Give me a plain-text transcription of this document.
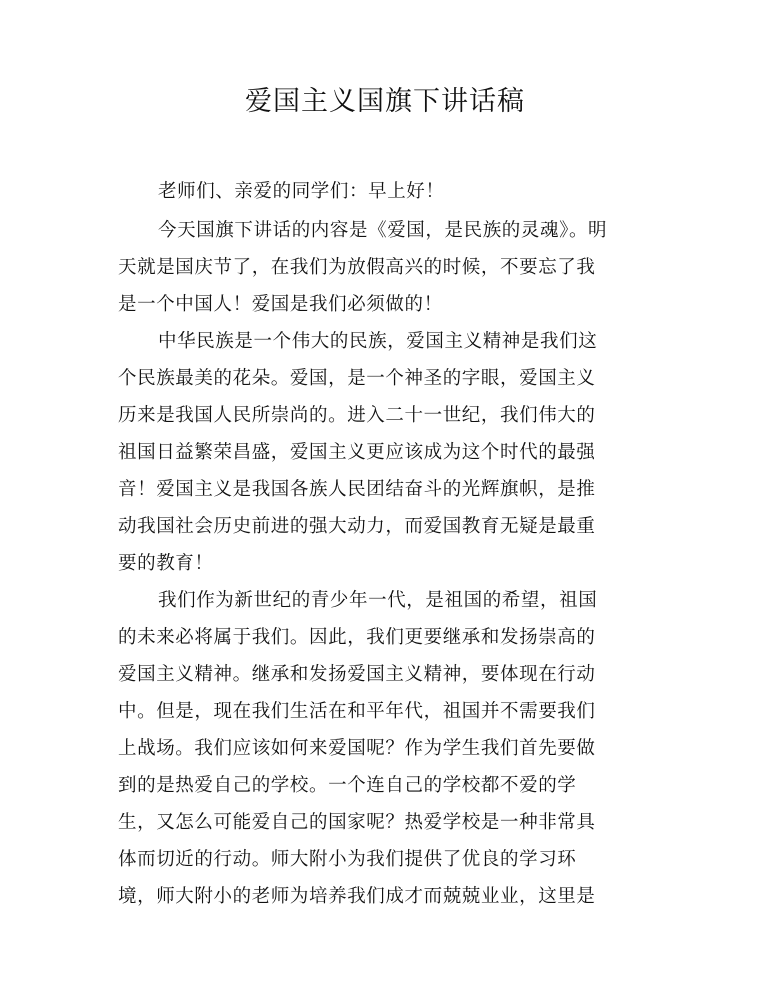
爱国主义国旗下讲话稿

老师们、亲爱的同学们：早上好！

今天国旗下讲话的内容是《爱国，是民族的灵魂》。明

天就是国庆节了，在我们为放假高兴的时候，不要忘了我

是一个中国人！爱国是我们必须做的！

中华民族是一个伟大的民族，爱国主义精神是我们这

个民族最美的花朵。爱国，是一个神圣的字眼，爱国主义

历来是我国人民所崇尚的。进入二十一世纪，我们伟大的

祖国日益繁荣昌盛，爱国主义更应该成为这个时代的最强

音！爱国主义是我国各族人民团结奋斗的光辉旗帜，是推

动我国社会历史前进的强大动力，而爱国教育无疑是最重

要的教育！

我们作为新世纪的青少年一代，是祖国的希望，祖国

的未来必将属于我们。因此，我们更要继承和发扬崇高的

爱国主义精神。继承和发扬爱国主义精神，要体现在行动

中。但是，现在我们生活在和平年代，祖国并不需要我们

上战场。我们应该如何来爱国呢？作为学生我们首先要做

到的是热爱自己的学校。一个连自己的学校都不爱的学

生，又怎么可能爱自己的国家呢？热爱学校是一种非常具

体而切近的行动。师大附小为我们提供了优良的学习环

境，师大附小的老师为培养我们成才而兢兢业业，这里是
